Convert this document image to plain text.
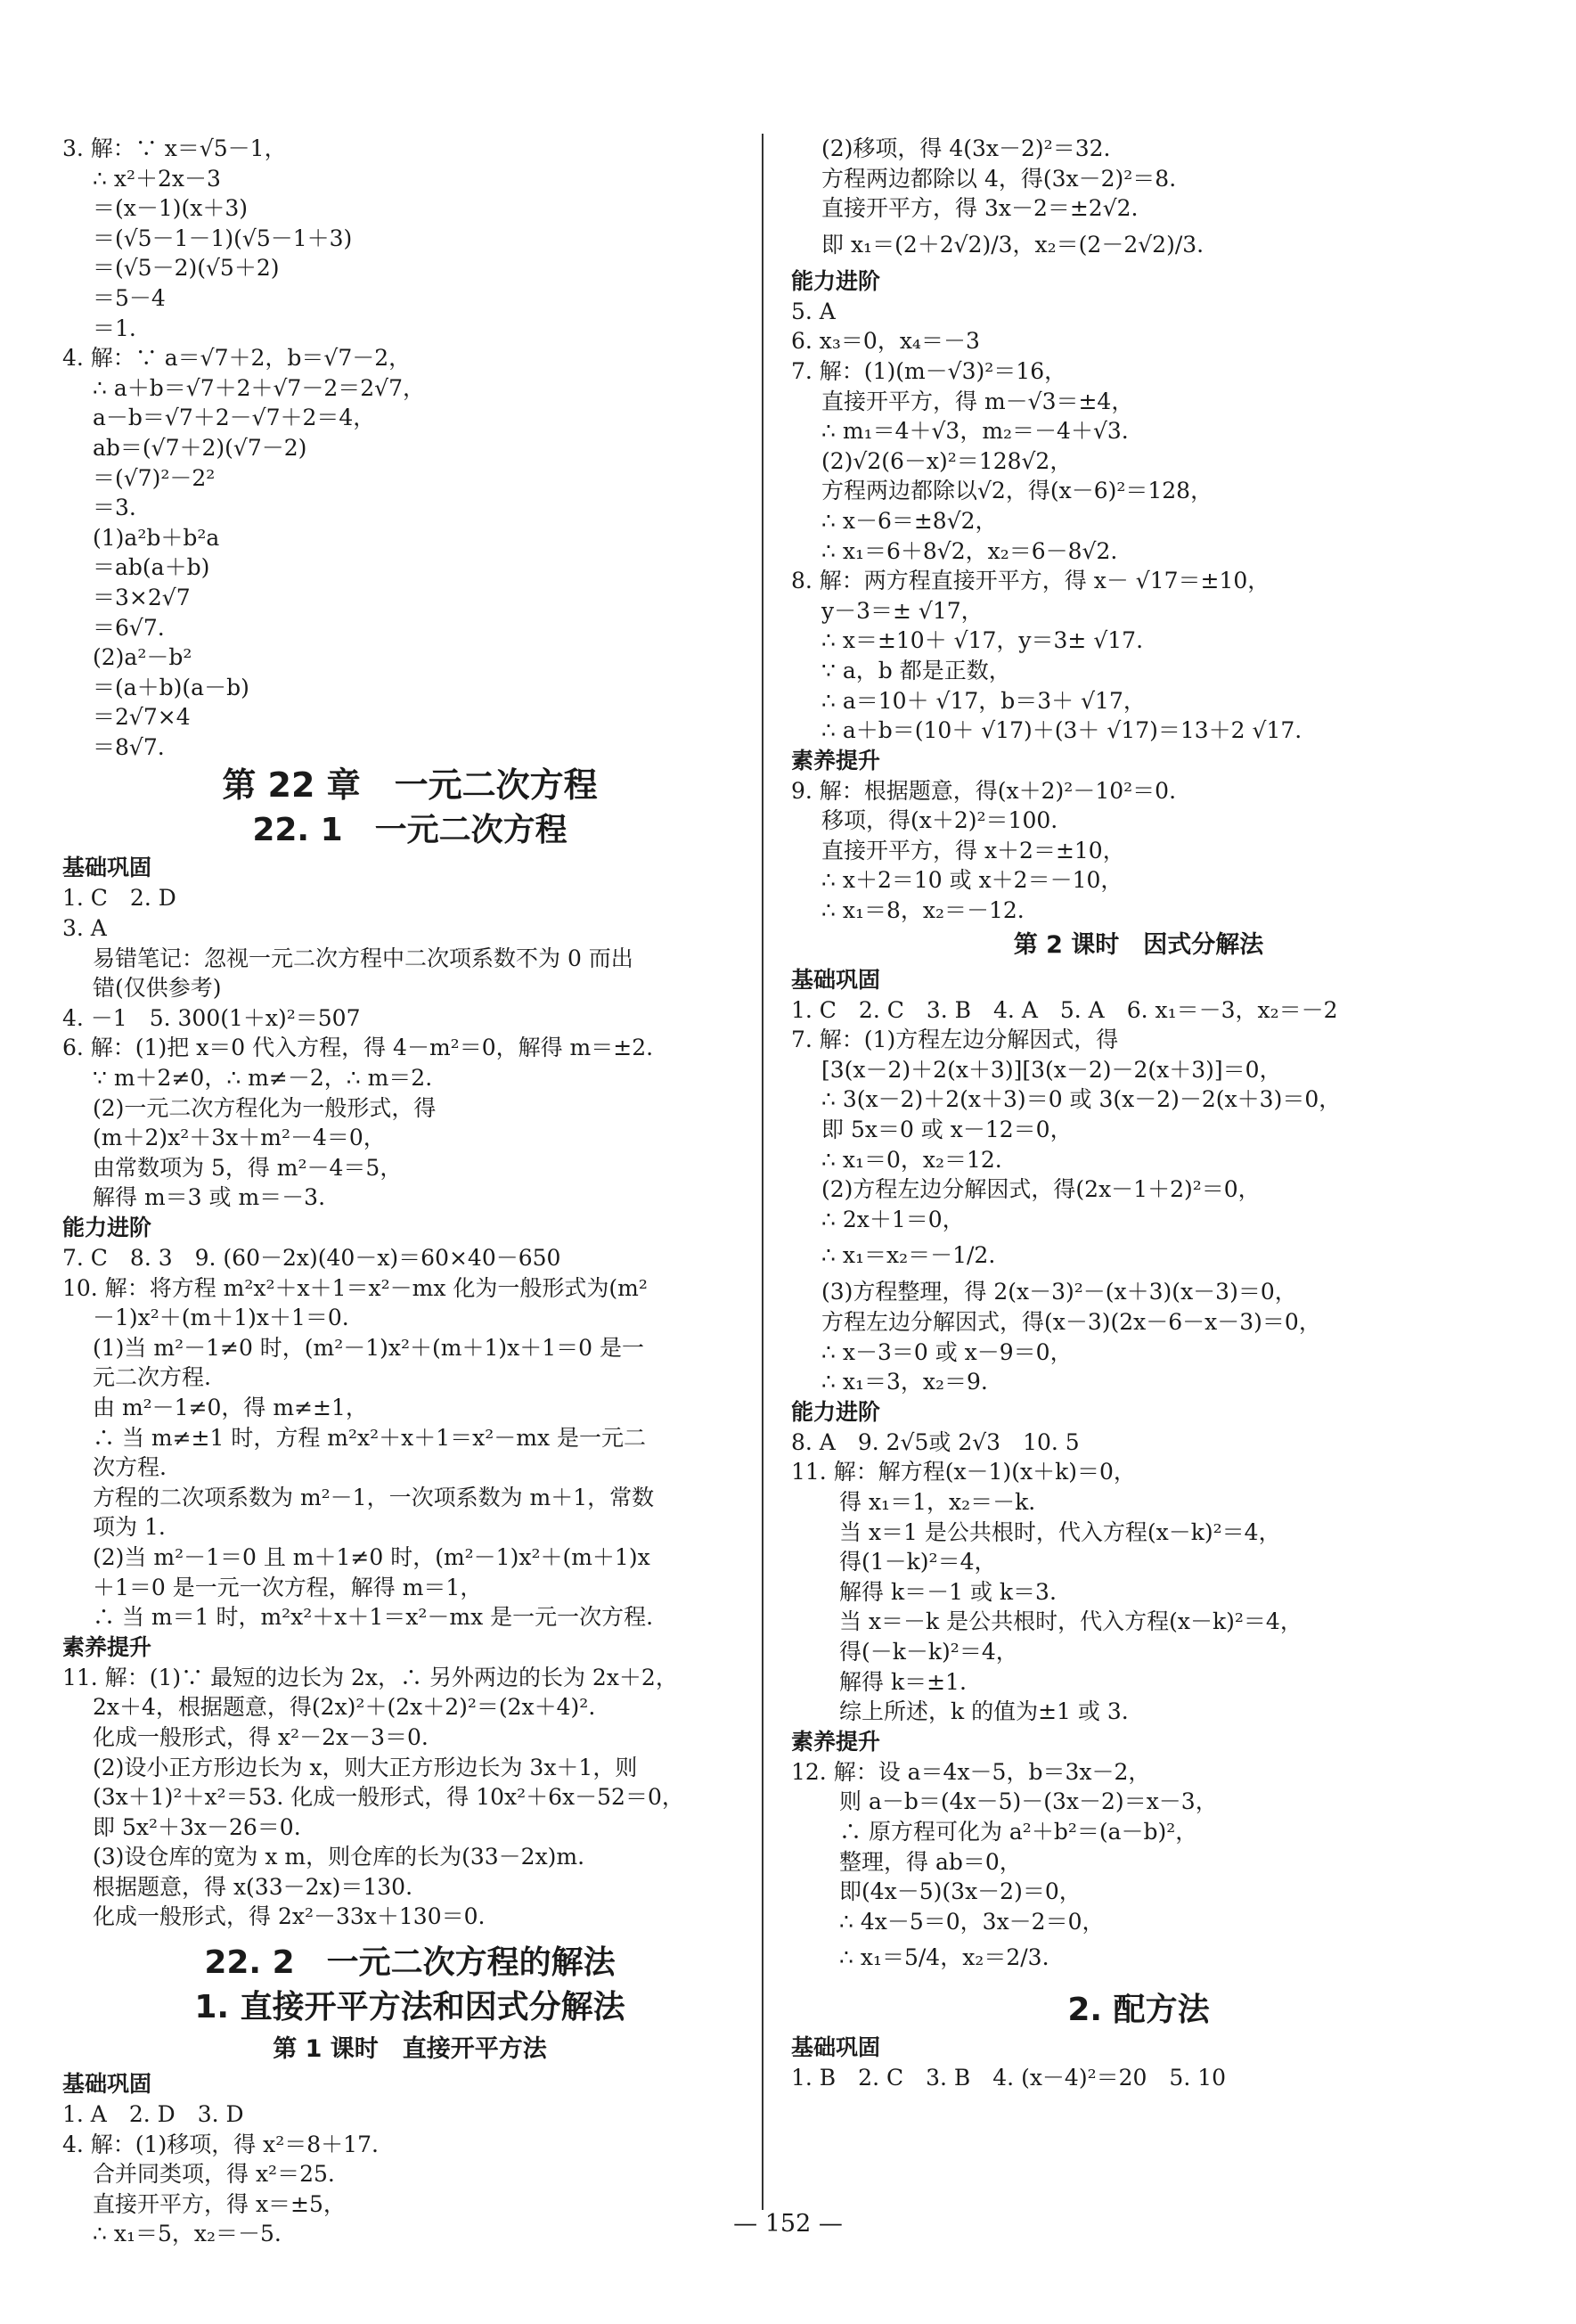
3. 解：∵ x＝√5－1，
∴ x²＋2x－3
＝(x－1)(x＋3)
＝(√5－1－1)(√5－1＋3)
＝(√5－2)(√5＋2)
＝5－4
＝1.
4. 解：∵ a＝√7＋2，b＝√7－2，
∴ a＋b＝√7＋2＋√7－2＝2√7，
a－b＝√7＋2－√7＋2＝4，
ab＝(√7＋2)(√7－2)
＝(√7)²－2²
＝3.
(1)a²b＋b²a
＝ab(a＋b)
＝3×2√7
＝6√7.
(2)a²－b²
＝(a＋b)(a－b)
＝2√7×4
＝8√7.
第 22 章　一元二次方程
22. 1　一元二次方程
基础巩固
1. C　2. D
3. A
易错笔记：忽视一元二次方程中二次项系数不为 0 而出
错(仅供参考)
4. －1　5. 300(1＋x)²＝507
6. 解：(1)把 x＝0 代入方程，得 4－m²＝0，解得 m＝±2.
∵ m＋2≠0，∴ m≠－2，∴ m＝2.
(2)一元二次方程化为一般形式，得
(m＋2)x²＋3x＋m²－4＝0，
由常数项为 5，得 m²－4＝5，
解得 m＝3 或 m＝－3.
能力进阶
7. C　8. 3　9. (60－2x)(40－x)＝60×40－650
10. 解：将方程 m²x²＋x＋1＝x²－mx 化为一般形式为(m²
－1)x²＋(m＋1)x＋1＝0.
(1)当 m²－1≠0 时，(m²－1)x²＋(m＋1)x＋1＝0 是一
元二次方程.
由 m²－1≠0，得 m≠±1，
∴ 当 m≠±1 时，方程 m²x²＋x＋1＝x²－mx 是一元二
次方程.
方程的二次项系数为 m²－1，一次项系数为 m＋1，常数
项为 1.
(2)当 m²－1＝0 且 m＋1≠0 时，(m²－1)x²＋(m＋1)x
＋1＝0 是一元一次方程，解得 m＝1，
∴ 当 m＝1 时，m²x²＋x＋1＝x²－mx 是一元一次方程.
素养提升
11. 解：(1)∵ 最短的边长为 2x，∴ 另外两边的长为 2x＋2，
2x＋4，根据题意，得(2x)²＋(2x＋2)²＝(2x＋4)².
化成一般形式，得 x²－2x－3＝0.
(2)设小正方形边长为 x，则大正方形边长为 3x＋1，则
(3x＋1)²＋x²＝53. 化成一般形式，得 10x²＋6x－52＝0，
即 5x²＋3x－26＝0.
(3)设仓库的宽为 x m，则仓库的长为(33－2x)m.
根据题意，得 x(33－2x)＝130.
化成一般形式，得 2x²－33x＋130＝0.
22. 2　一元二次方程的解法
1. 直接开平方法和因式分解法
第 1 课时　直接开平方法
基础巩固
1. A　2. D　3. D
4. 解：(1)移项，得 x²＝8＋17.
合并同类项，得 x²＝25.
直接开平方，得 x＝±5，
∴ x₁＝5，x₂＝－5.
(2)移项，得 4(3x－2)²＝32.
方程两边都除以 4，得(3x－2)²＝8.
直接开平方，得 3x－2＝±2√2.
即 x₁＝(2＋2√2)/3，x₂＝(2－2√2)/3.
能力进阶
5. A
6. x₃＝0，x₄＝－3
7. 解：(1)(m－√3)²＝16，
直接开平方，得 m－√3＝±4，
∴ m₁＝4＋√3，m₂＝－4＋√3.
(2)√2(6－x)²＝128√2，
方程两边都除以√2，得(x－6)²＝128，
∴ x－6＝±8√2，
∴ x₁＝6＋8√2，x₂＝6－8√2.
8. 解：两方程直接开平方，得 x－ √17＝±10，
y－3＝± √17，
∴ x＝±10＋ √17，y＝3± √17.
∵ a，b 都是正数，
∴ a＝10＋ √17，b＝3＋ √17，
∴ a＋b＝(10＋ √17)＋(3＋ √17)＝13＋2 √17.
素养提升
9. 解：根据题意，得(x＋2)²－10²＝0.
移项，得(x＋2)²＝100.
直接开平方，得 x＋2＝±10，
∴ x＋2＝10 或 x＋2＝－10，
∴ x₁＝8，x₂＝－12.
第 2 课时　因式分解法
基础巩固
1. C　2. C　3. B　4. A　5. A　6. x₁＝－3，x₂＝－2
7. 解：(1)方程左边分解因式，得
[3(x－2)＋2(x＋3)][3(x－2)－2(x＋3)]＝0，
∴ 3(x－2)＋2(x＋3)＝0 或 3(x－2)－2(x＋3)＝0，
即 5x＝0 或 x－12＝0，
∴ x₁＝0，x₂＝12.
(2)方程左边分解因式，得(2x－1＋2)²＝0，
∴ 2x＋1＝0，
∴ x₁＝x₂＝－1/2.
(3)方程整理，得 2(x－3)²－(x＋3)(x－3)＝0，
方程左边分解因式，得(x－3)(2x－6－x－3)＝0，
∴ x－3＝0 或 x－9＝0，
∴ x₁＝3，x₂＝9.
能力进阶
8. A　9. 2√5或 2√3　10. 5
11. 解：解方程(x－1)(x＋k)＝0，
得 x₁＝1，x₂＝－k.
当 x＝1 是公共根时，代入方程(x－k)²＝4，
得(1－k)²＝4，
解得 k＝－1 或 k＝3.
当 x＝－k 是公共根时，代入方程(x－k)²＝4，
得(－k－k)²＝4，
解得 k＝±1.
综上所述，k 的值为±1 或 3.
素养提升
12. 解：设 a＝4x－5，b＝3x－2，
则 a－b＝(4x－5)－(3x－2)＝x－3，
∴ 原方程可化为 a²＋b²＝(a－b)²，
整理，得 ab＝0，
即(4x－5)(3x－2)＝0，
∴ 4x－5＝0，3x－2＝0，
∴ x₁＝5/4，x₂＝2/3.
2. 配方法
基础巩固
1. B　2. C　3. B　4. (x－4)²＝20　5. 10
— 152 —
